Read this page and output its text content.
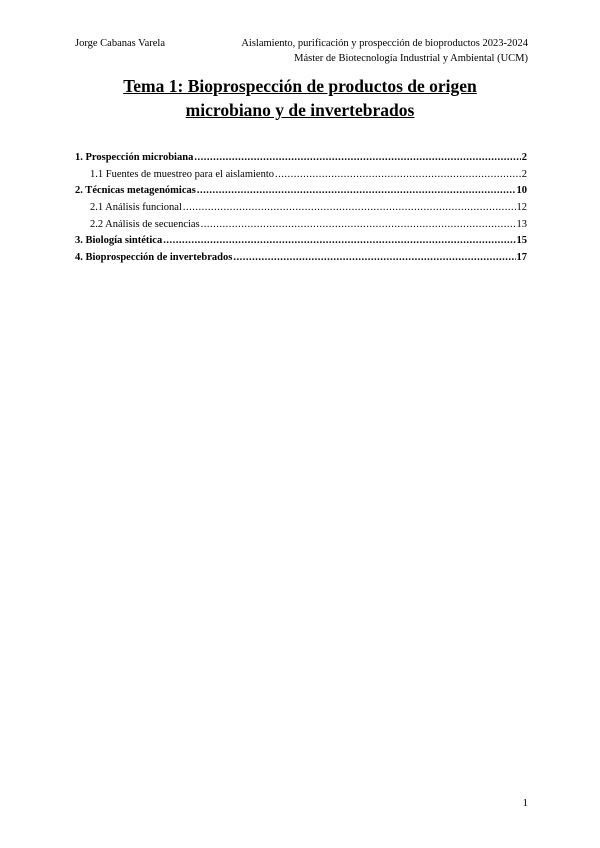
Jorge Cabanas Varela	Aislamiento, purificación y prospección de bioproductos 2023-2024
Máster de Biotecnología Industrial y Ambiental (UCM)
Tema 1: Bioprospección de productos de origen
microbiano y de invertebrados
1. Prospección microbiana .....	2
1.1 Fuentes de muestreo para el aislamiento .....	2
2. Técnicas metagenómicas .....	10
2.1 Análisis funcional .....	12
2.2 Análisis de secuencias .....	13
3. Biología sintética .....	15
4. Bioprospección de invertebrados .....	17
1
